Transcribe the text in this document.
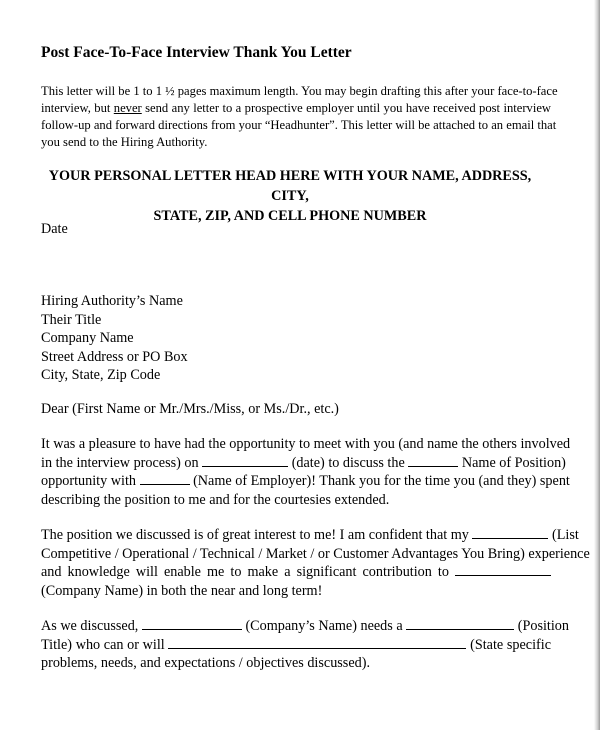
Post Face-To-Face Interview Thank You Letter
This letter will be 1 to 1 ½ pages maximum length. You may begin drafting this after your face-to-face
interview, but never send any letter to a prospective employer until you have received post interview
follow-up and forward directions from your “Headhunter”. This letter will be attached to an email that
you send to the Hiring Authority.
YOUR PERSONAL LETTER HEAD HERE WITH YOUR NAME, ADDRESS, CITY,
STATE, ZIP, AND CELL PHONE NUMBER
Date
Hiring Authority’s Name
Their Title
Company Name
Street Address or PO Box
City, State, Zip Code
Dear (First Name or Mr./Mrs./Miss, or Ms./Dr., etc.)
It was a pleasure to have had the opportunity to meet with you (and name the others involved
in the interview process) on	(date) to discuss the	Name of Position)
opportunity with	(Name of Employer)! Thank you for the time you (and they) spent
describing the position to me and for the courtesies extended.
The position we discussed is of great interest to me! I am confident that my	(List
Competitive / Operational / Technical / Market / or Customer Advantages You Bring) experience
and knowledge will enable me to make a significant contribution to
(Company Name) in both the near and long term!
As we discussed,	(Company’s Name) needs a	(Position
Title) who can or will	(State specific
problems, needs, and expectations / objectives discussed).
